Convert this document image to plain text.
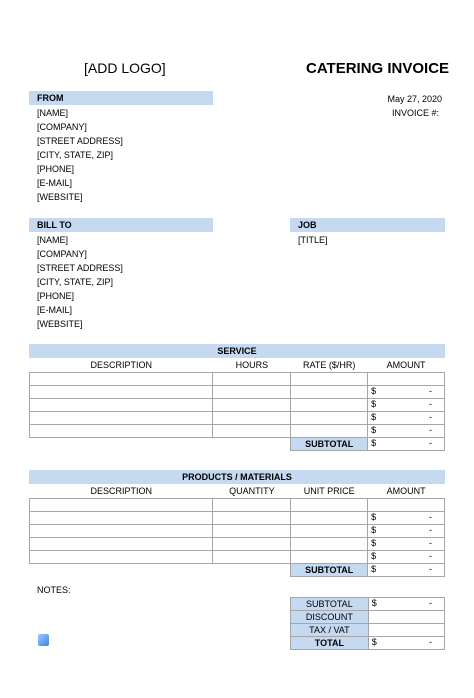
[ADD LOGO]	CATERING INVOICE
May 27, 2020
INVOICE #:
FROM
[NAME]
[COMPANY]
[STREET ADDRESS]
[CITY, STATE, ZIP]
[PHONE]
[E-MAIL]
[WEBSITE]
BILL TO
[NAME]
[COMPANY]
[STREET ADDRESS]
[CITY, STATE, ZIP]
[PHONE]
[E-MAIL]
[WEBSITE]
JOB
[TITLE]
SERVICE
DESCRIPTION	HOURS	RATE ($/HR)	AMOUNT

			$ -

			$ -

			$ -

			$ -

		SUBTOTAL	$ -
PRODUCTS / MATERIALS
DESCRIPTION	QUANTITY	UNIT PRICE	AMOUNT

			$ -

			$ -

			$ -

			$ -

		SUBTOTAL	$ -
NOTES:
SUBTOTAL	$ -

DISCOUNT	
TAX / VAT	
TOTAL	$ -
